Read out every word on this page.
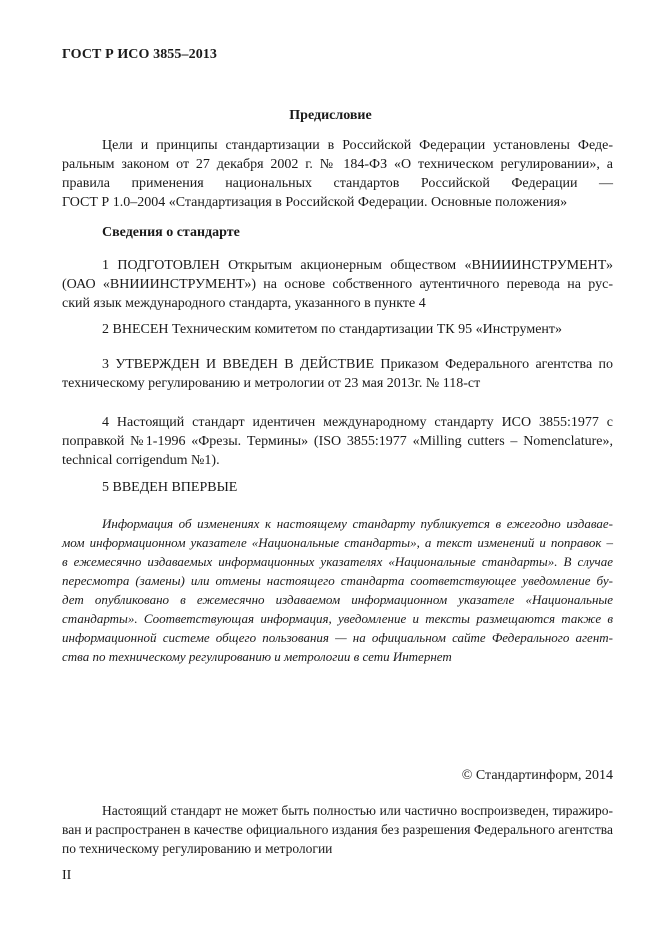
ГОСТ Р ИСО 3855–2013
Предисловие
Цели и принципы стандартизации в Российской Федерации установлены Феде-
ральным законом от 27 декабря 2002 г. № 184-ФЗ «О техническом регулировании», а
правила применения национальных стандартов Российской Федерации —
ГОСТ Р 1.0–2004 «Стандартизация в Российской Федерации. Основные положения»
Сведения о стандарте
1 ПОДГОТОВЛЕН Открытым акционерным обществом «ВНИИИНСТРУМЕНТ»
(ОАО «ВНИИИНСТРУМЕНТ») на основе собственного аутентичного перевода на рус-
ский язык международного стандарта, указанного в пункте 4
2 ВНЕСЕН Техническим комитетом по стандартизации ТК 95 «Инструмент»
3 УТВЕРЖДЕН И ВВЕДЕН В ДЕЙСТВИЕ Приказом Федерального агентства по
техническому регулированию и метрологии от 23 мая 2013г. № 118-ст
4 Настоящий стандарт идентичен международному стандарту ИСО 3855:1977 с
поправкой №1-1996 «Фрезы. Термины» (ISO 3855:1977 «Milling cutters – Nomenclature»,
technical corrigendum №1).
5 ВВЕДЕН ВПЕРВЫЕ
Информация об изменениях к настоящему стандарту публикуется в ежегодно издавае-
мом информационном указателе «Национальные стандарты», а текст изменений и поправок –
в ежемесячно издаваемых информационных указателях «Национальные стандарты». В случае
пересмотра (замены) или отмены настоящего стандарта соответствующее уведомление бу-
дет опубликовано в ежемесячно издаваемом информационном указателе «Национальные
стандарты». Соответствующая информация, уведомление и тексты размещаются также в
информационной системе общего пользования — на официальном сайте Федерального агент-
ства по техническому регулированию и метрологии в сети Интернет
© Стандартинформ, 2014
Настоящий стандарт не может быть полностью или частично воспроизведен, тиражиро-
ван и распространен в качестве официального издания без разрешения Федерального агентства
по техническому регулированию и метрологии
II
